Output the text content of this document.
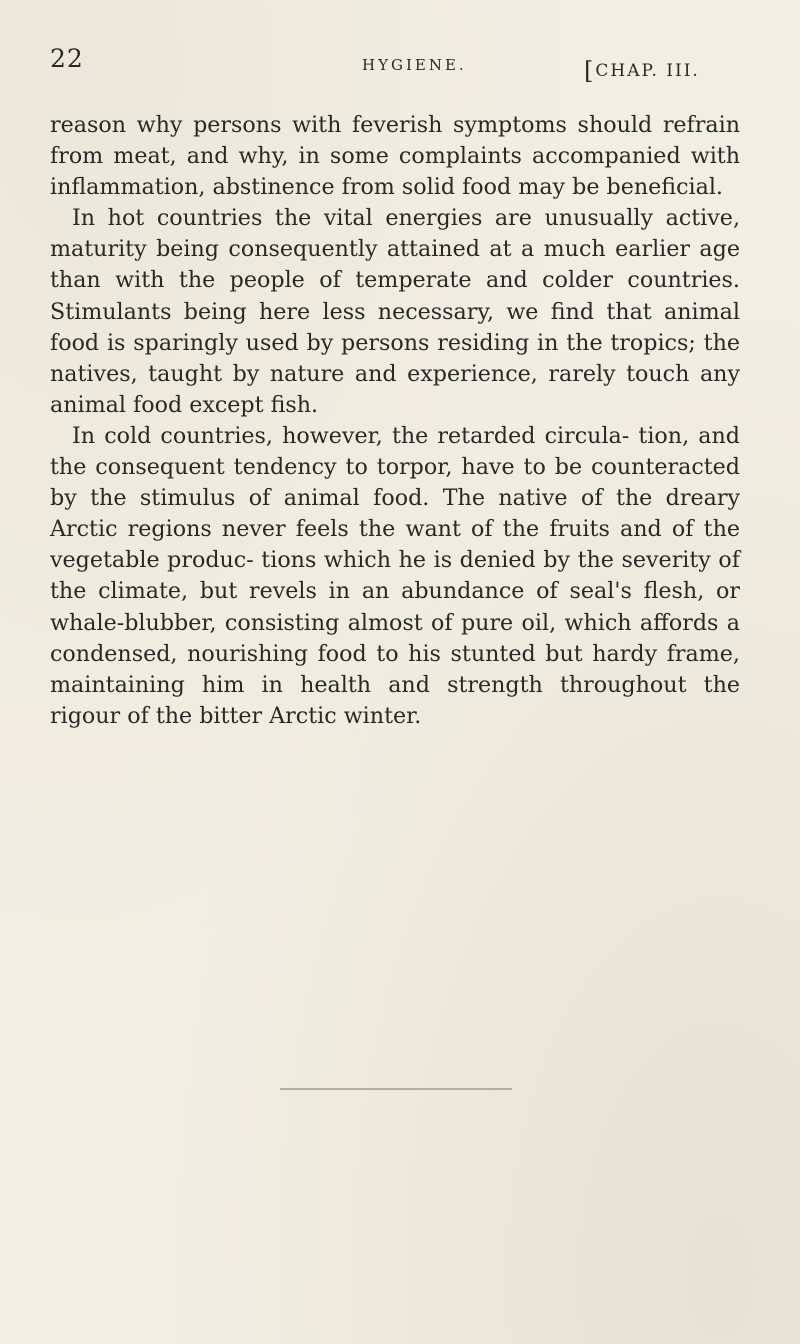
22	HYGIENE.	[CHAP. III.

reason why persons with feverish symptoms should refrain from meat, and why, in some complaints accompanied with inflammation, abstinence from solid food may be beneficial.

In hot countries the vital energies are unusually active, maturity being consequently attained at a much earlier age than with the people of temperate and colder countries. Stimulants being here less necessary, we find that animal food is sparingly used by persons residing in the tropics; the natives, taught by nature and experience, rarely touch any animal food except fish.

In cold countries, however, the retarded circula- tion, and the consequent tendency to torpor, have to be counteracted by the stimulus of animal food. The native of the dreary Arctic regions never feels the want of the fruits and of the vegetable produc- tions which he is denied by the severity of the climate, but revels in an abundance of seal's flesh, or whale-blubber, consisting almost of pure oil, which affords a condensed, nourishing food to his stunted but hardy frame, maintaining him in health and strength throughout the rigour of the bitter Arctic winter.
